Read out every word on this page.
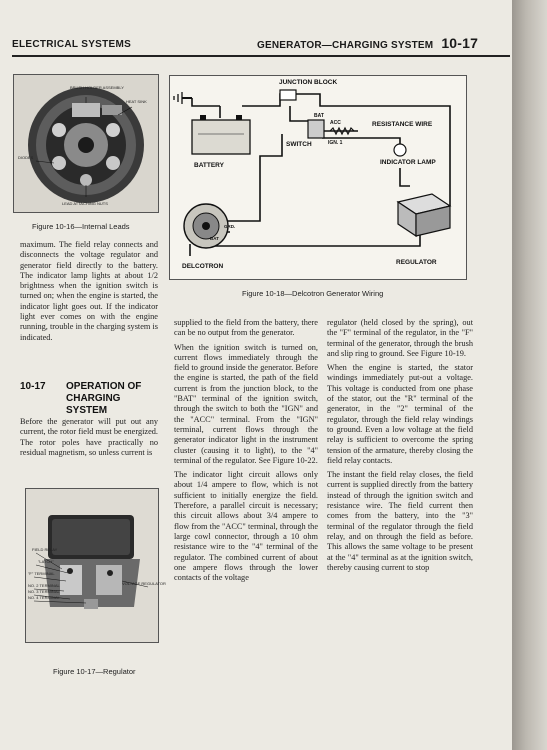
ELECTRICAL SYSTEMS	GENERATOR—CHARGING SYSTEM 10-17
BRUSH HOLDER ASSEMBLY
HEAT SINK
DIODES
LEAD ATTACHING NUTS
Figure 10-16—Internal Leads

maximum. The field relay connects and disconnects the voltage regulator and generator field directly to the battery. The indicator lamp lights at about 1/2 brightness when the ignition switch is turned on; when the engine is started, the indicator light goes out. If the indicator light ever comes on with the engine running, trouble in the charging system is indicated.

10-17	OPERATION OF
CHARGING SYSTEM

Before the generator will put out any current, the rotor field must be energized. The rotor poles have practically no residual magnetism, so unless current is

FIELD RELAY
"LATCH"
"F" TERMINAL
NO. 2 TERMINAL
NO. 3 TERMINAL
NO. 4 TERMINAL
VOLTAGE REGULATOR
Figure 10-17—Regulator
JUNCTION BLOCK
RESISTANCE WIRE
BAT
ACC
IGN. 1
SWITCH
INDICATOR LAMP
BATTERY
DELCOTRON
REGULATOR
GRD.
BAT
Figure 10-18—Delcotron Generator Wiring

supplied to the field from the battery, there can be no output from the generator.

When the ignition switch is turned on, current flows immediately through the field to ground inside the generator. Before the engine is started, the path of the field current is from the junction block, to the "BAT" terminal of the ignition switch, through the switch to both the "IGN" and the "ACC" terminal. From the "IGN" terminal, current flows through the generator indicator light in the instrument cluster (causing it to light), to the "4" terminal of the regulator. See Figure 10-22.

The indicator light circuit allows only about 1/4 ampere to flow, which is not sufficient to initially energize the field. Therefore, a parallel circuit is necessary; this circuit allows about 3/4 ampere to flow from the "ACC" terminal, through the large cowl connector, through a 10 ohm resistance wire to the "4" terminal of the regulator. The combined current of about one ampere flows through the lower contacts of the voltage

regulator (held closed by the spring), out the "F" terminal of the regulator, in the "F" terminal of the generator, through the brush and slip ring to ground. See Figure 10-19.

When the engine is started, the stator windings immediately put-out a voltage. This voltage is conducted from one phase of the stator, out the "R" terminal of the generator, in the "2" terminal of the regulator, through the field relay windings to ground. Even a low voltage at the field relay is sufficient to overcome the spring tension of the armature, thereby closing the field relay contacts.

The instant the field relay closes, the field current is supplied directly from the battery instead of through the ignition switch and resistance wire. The field current then comes from the battery, into the "3" terminal of the regulator through the field relay, and on through the field as before. This allows the same voltage to be present at the "4" terminal as at the ignition switch, thereby causing current to stop
